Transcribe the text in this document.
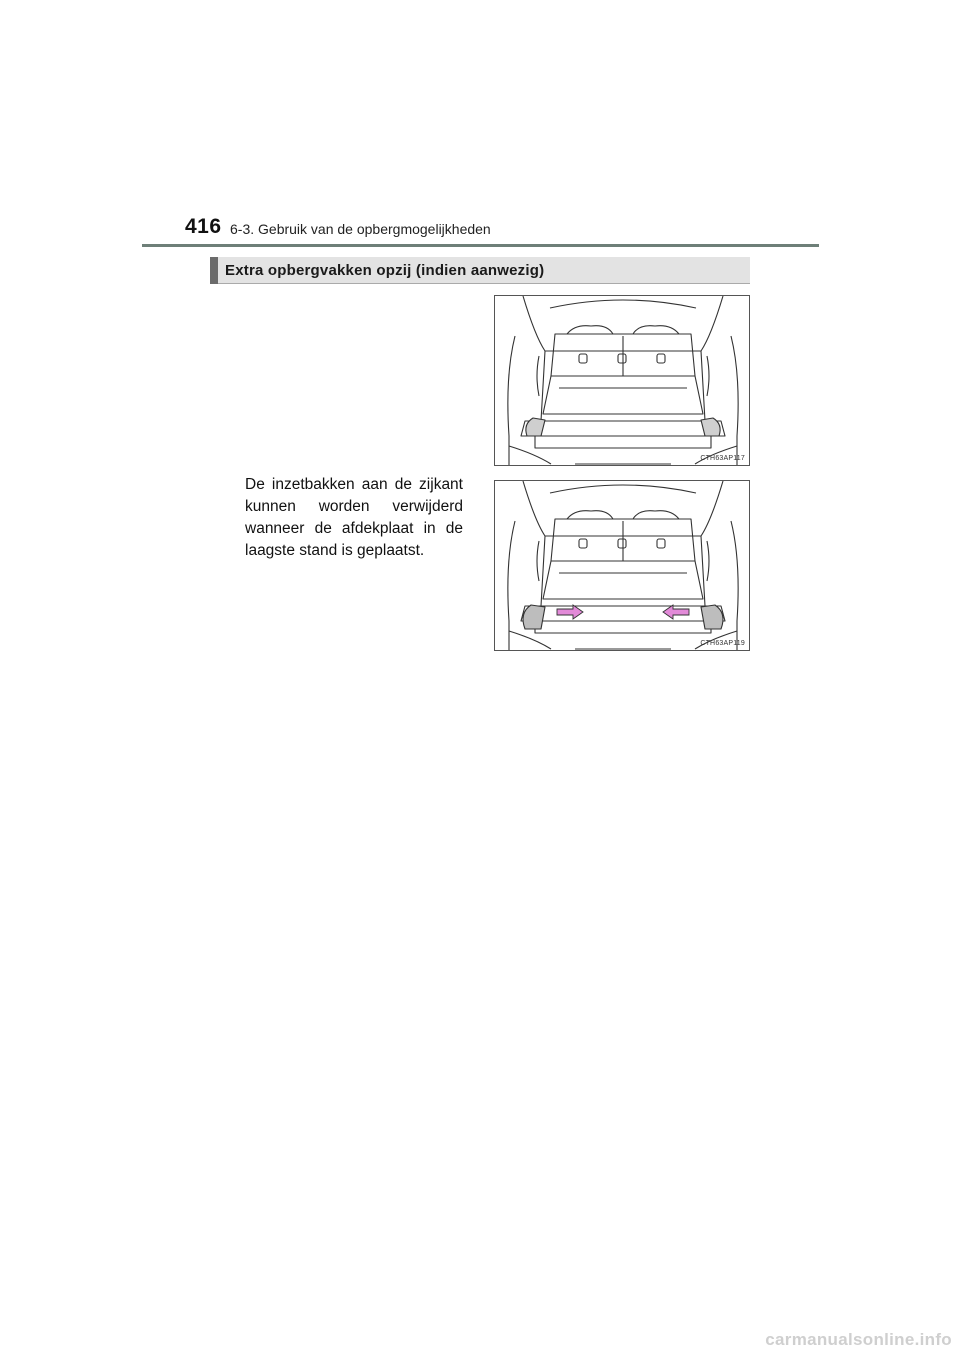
416 6-3. Gebruik van de opbergmogelijkheden
Extra opbergvakken opzij (indien aanwezig)
CTH63AP117
CTH63AP119
De inzetbakken aan de zijkant kunnen worden verwijderd wanneer de afdekplaat in de laagste stand is geplaatst.
carmanualsonline.info
